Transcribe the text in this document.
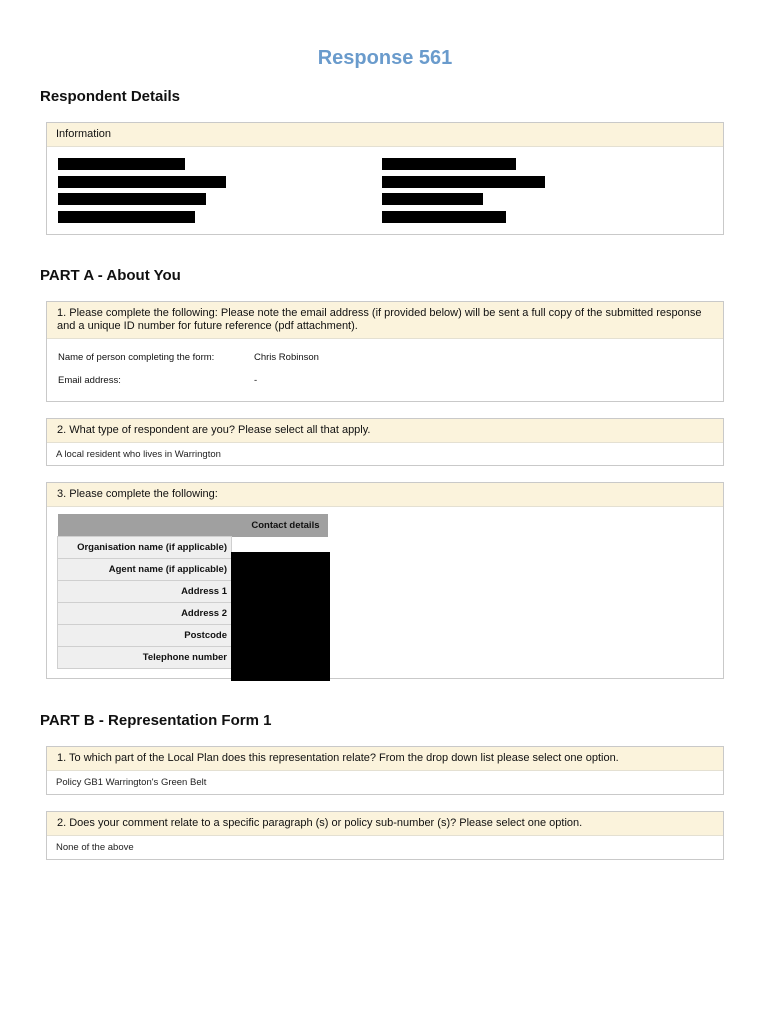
Response 561
Respondent Details
Information
PART A - About You
1. Please complete the following: Please note the email address (if provided below) will be sent a full copy of the submitted response and a unique ID number for future reference (pdf attachment).
Name of person completing the form:	Chris Robinson
Email address:	-
2. What type of respondent are you? Please select all that apply.
A local resident who lives in Warrington
3. Please complete the following:
	Contact details
Organisation name (if applicable)	
Agent name (if applicable)	
Address 1	
Address 2	
Postcode	
Telephone number	
PART B - Representation Form 1
1. To which part of the Local Plan does this representation relate? From the drop down list please select one option.
Policy GB1 Warrington's Green Belt
2. Does your comment relate to a specific paragraph (s) or policy sub-number (s)? Please select one option.
None of the above
